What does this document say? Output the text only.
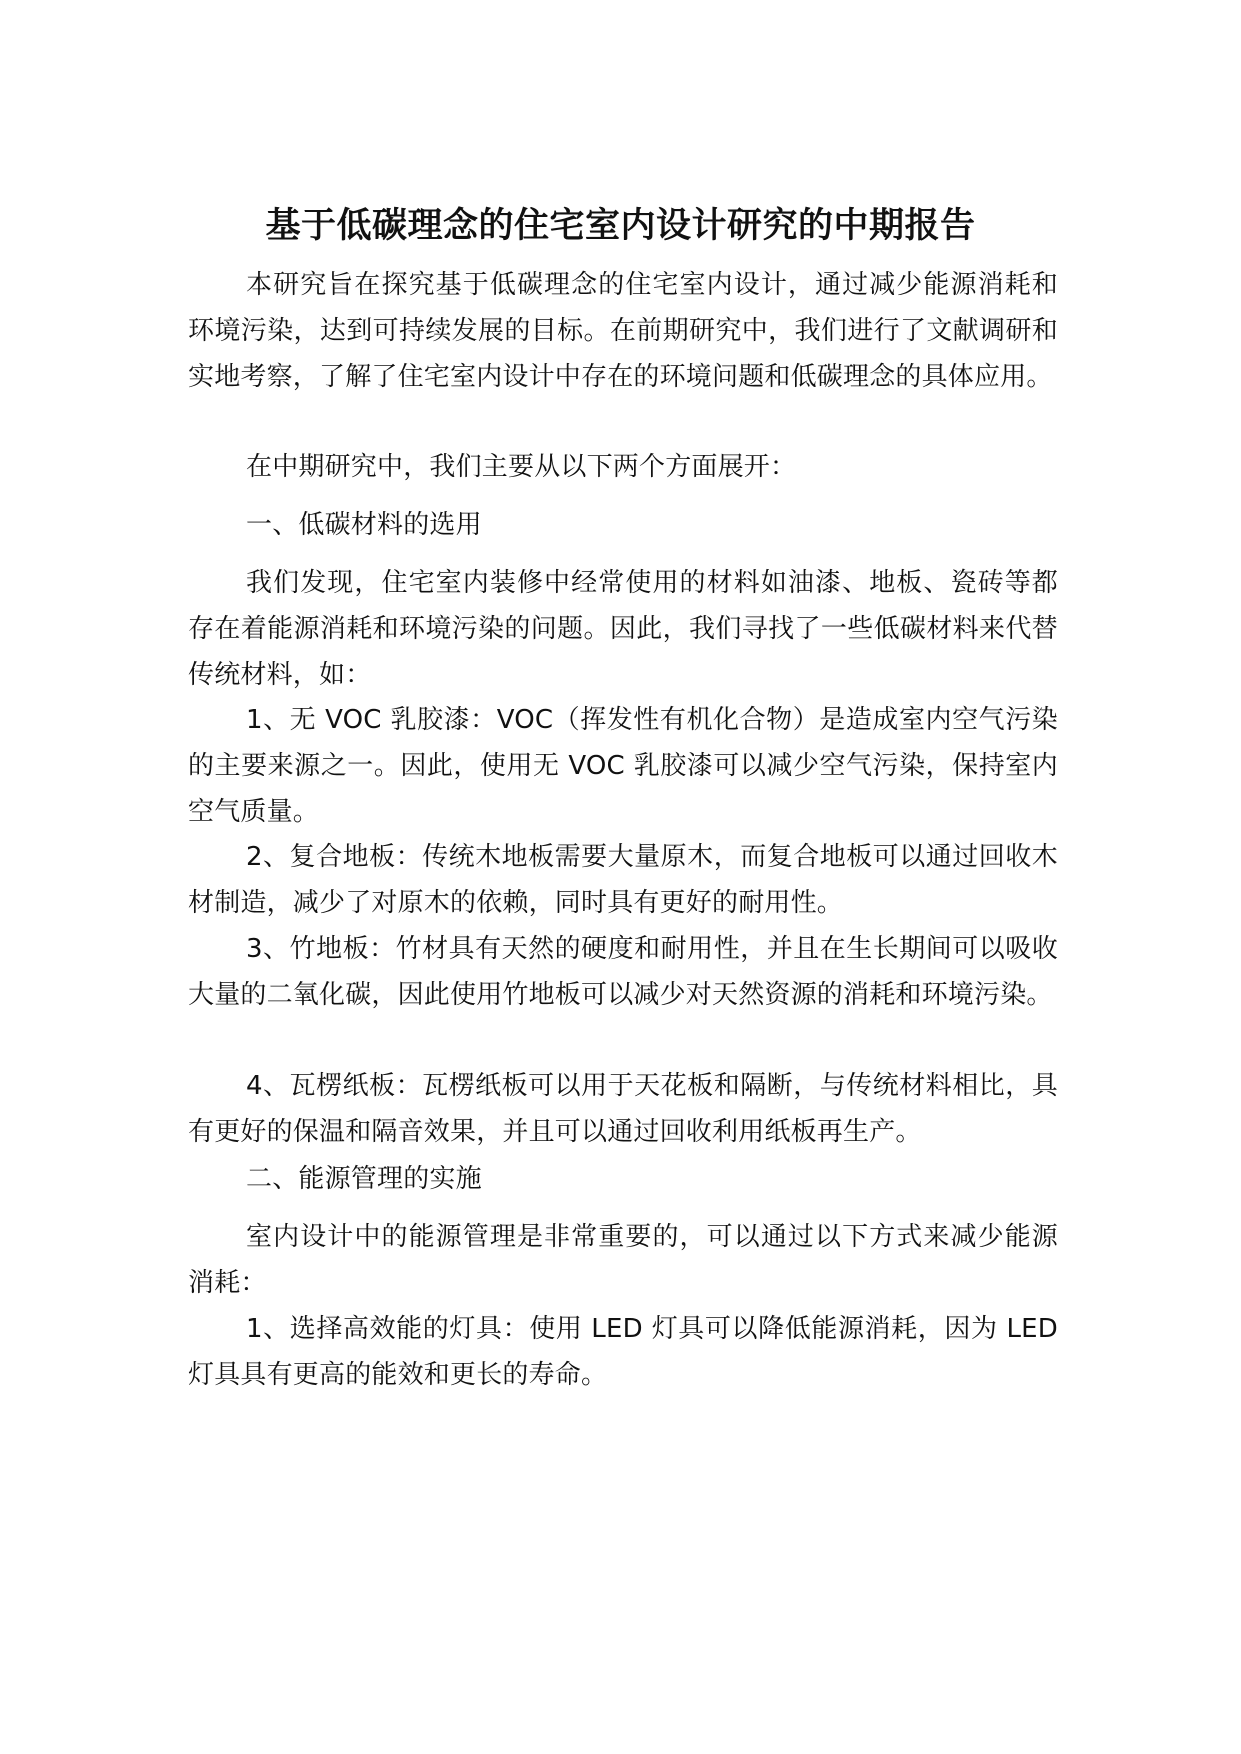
基于低碳理念的住宅室内设计研究的中期报告

本研究旨在探究基于低碳理念的住宅室内设计，通过减少能源消耗和环境污染，达到可持续发展的目标。在前期研究中，我们进行了文献调研和实地考察，了解了住宅室内设计中存在的环境问题和低碳理念的具体应用。

在中期研究中，我们主要从以下两个方面展开：

一、低碳材料的选用

我们发现，住宅室内装修中经常使用的材料如油漆、地板、瓷砖等都存在着能源消耗和环境污染的问题。因此，我们寻找了一些低碳材料来代替传统材料，如：

1、无 VOC 乳胶漆：VOC（挥发性有机化合物）是造成室内空气污染的主要来源之一。因此，使用无 VOC 乳胶漆可以减少空气污染，保持室内空气质量。

2、复合地板：传统木地板需要大量原木，而复合地板可以通过回收木材制造，减少了对原木的依赖，同时具有更好的耐用性。

3、竹地板：竹材具有天然的硬度和耐用性，并且在生长期间可以吸收大量的二氧化碳，因此使用竹地板可以减少对天然资源的消耗和环境污染。

4、瓦楞纸板：瓦楞纸板可以用于天花板和隔断，与传统材料相比，具有更好的保温和隔音效果，并且可以通过回收利用纸板再生产。

二、能源管理的实施

室内设计中的能源管理是非常重要的，可以通过以下方式来减少能源消耗：

1、选择高效能的灯具：使用 LED 灯具可以降低能源消耗，因为 LED 灯具具有更高的能效和更长的寿命。
